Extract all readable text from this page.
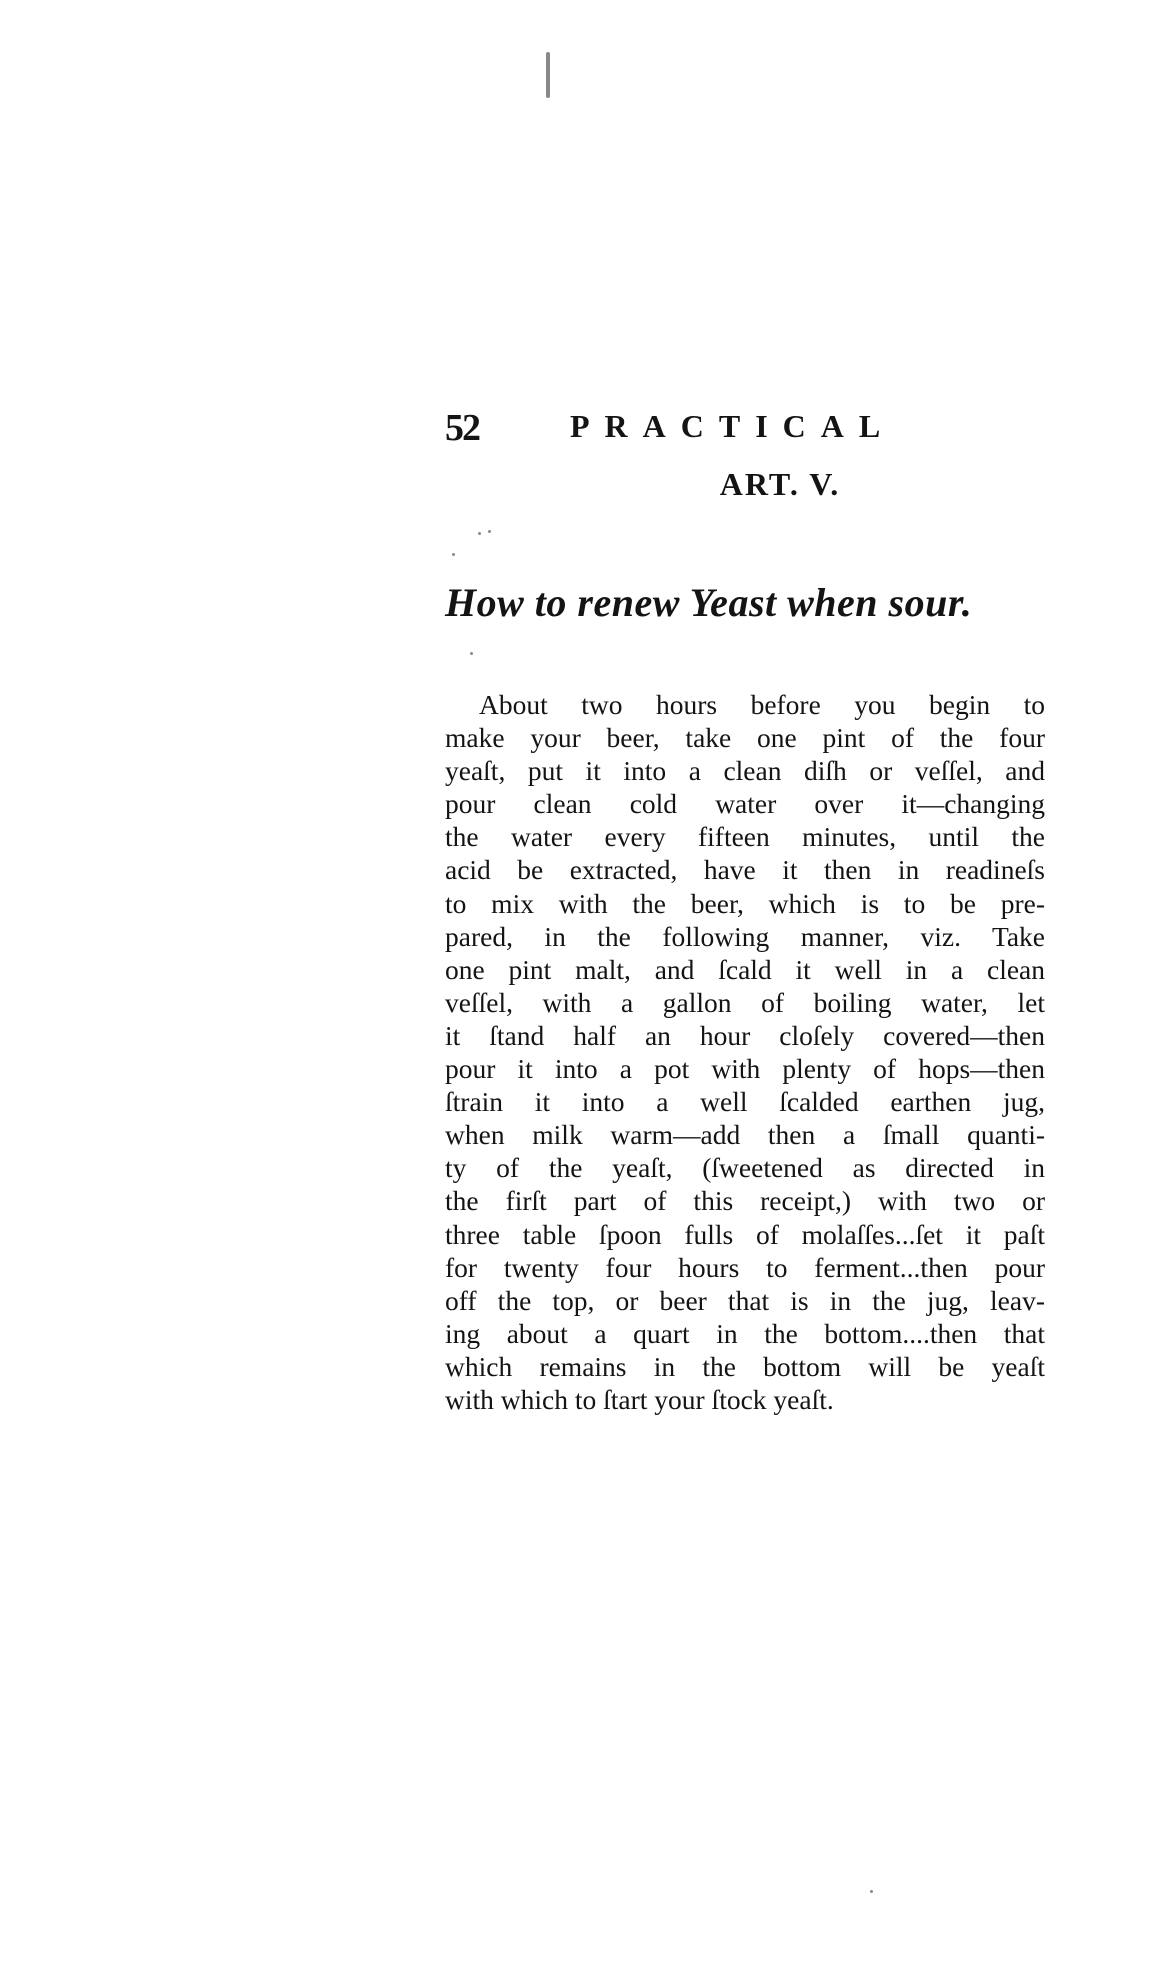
52	PRACTICAL
ART. V.
How to renew Yeast when sour.
About two hours before you begin to
make your beer, take one pint of the four
yeaſt, put it into a clean diſh or veſſel, and
pour clean cold water over it—changing
the water every fifteen minutes, until the
acid be extracted, have it then in readineſs
to mix with the beer, which is to be pre-
pared, in the following manner, viz. Take
one pint malt, and ſcald it well in a clean
veſſel, with a gallon of boiling water, let
it ſtand half an hour cloſely covered—then
pour it into a pot with plenty of hops—then
ſtrain it into a well ſcalded earthen jug,
when milk warm—add then a ſmall quanti-
ty of the yeaſt, (ſweetened as directed in
the firſt part of this receipt,) with two or
three table ſpoon fulls of molaſſes...ſet it paſt
for twenty four hours to ferment...then pour
off the top, or beer that is in the jug, leav-
ing about a quart in the bottom....then that
which remains in the bottom will be yeaſt
with which to ſtart your ſtock yeaſt.
